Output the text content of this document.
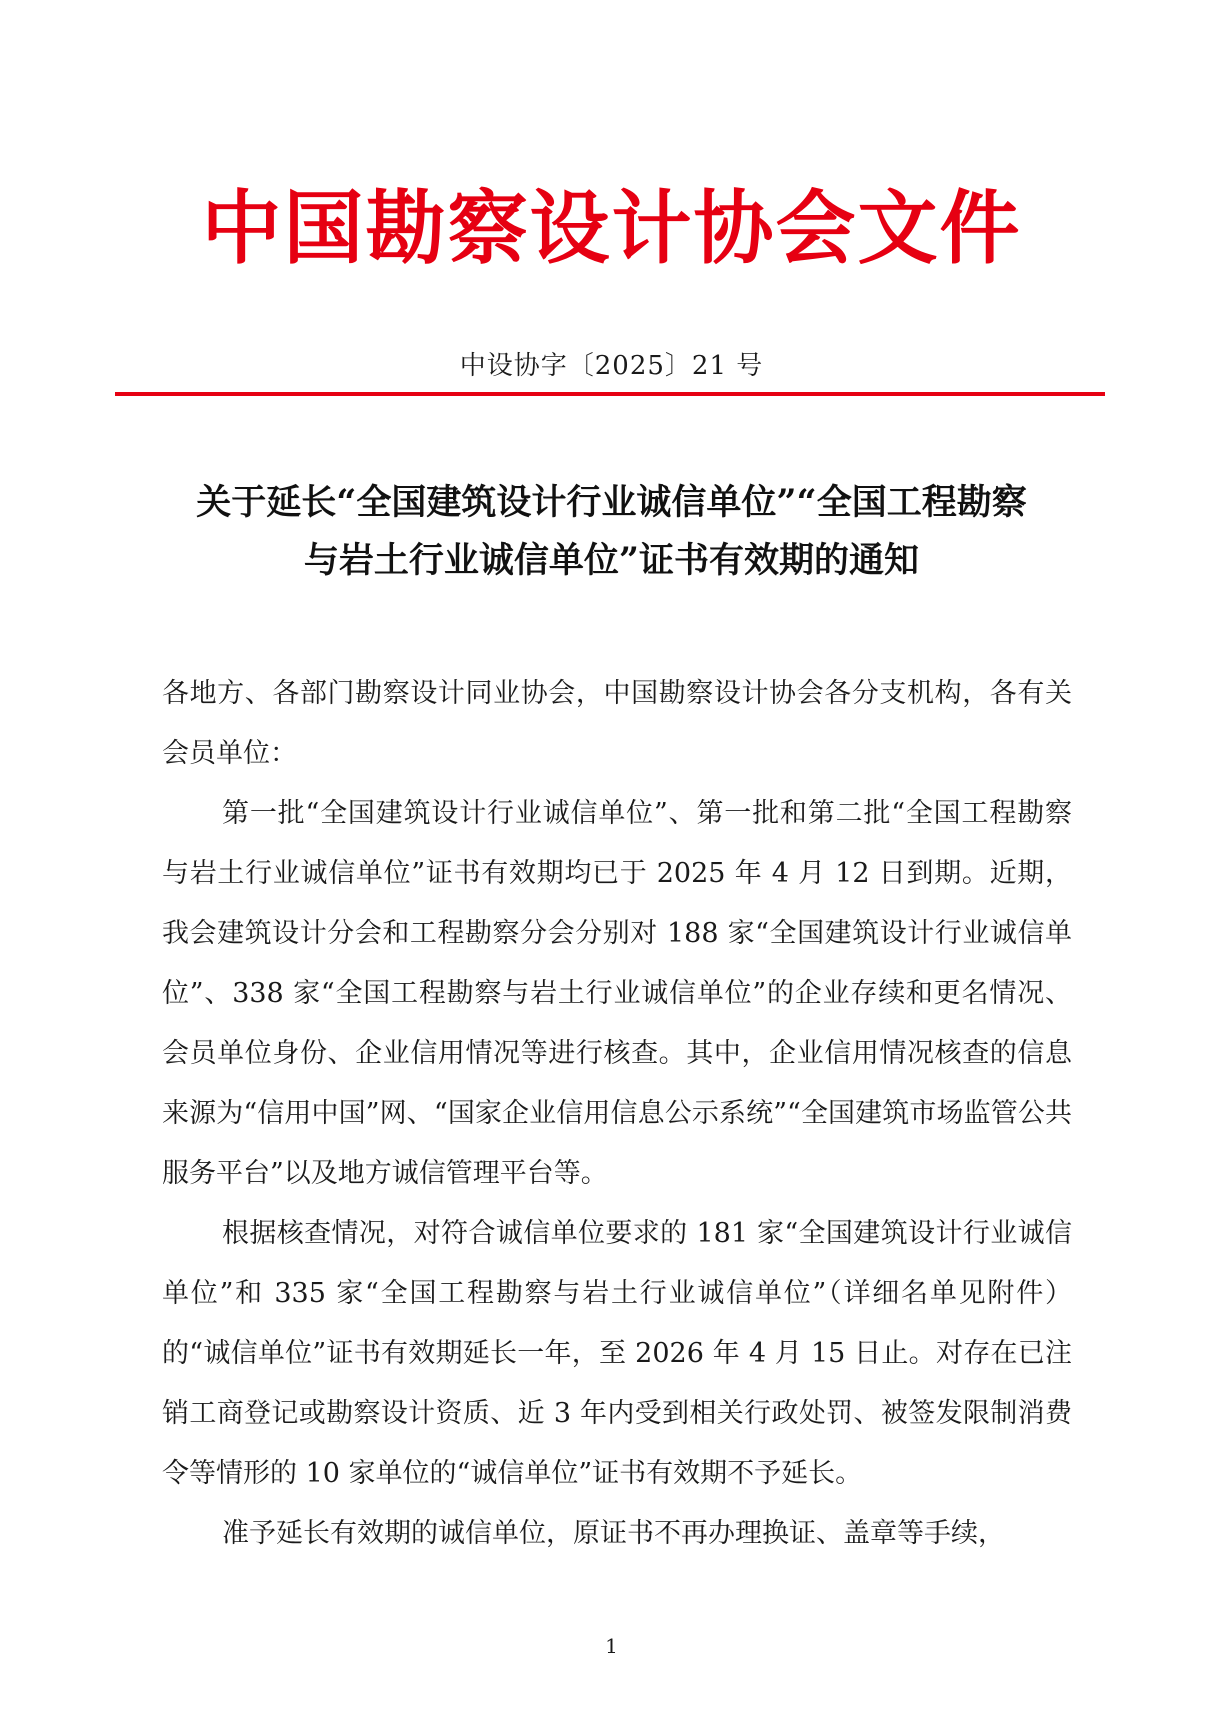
中国勘察设计协会文件
中设协字〔2025〕21 号
关于延长“全国建筑设计行业诚信单位”“全国工程勘察
与岩土行业诚信单位”证书有效期的通知

各地方、各部门勘察设计同业协会，中国勘察设计协会各分支机构，各有关会员单位：

第一批“全国建筑设计行业诚信单位”、第一批和第二批“全国工程勘察与岩土行业诚信单位”证书有效期均已于 2025 年 4 月 12 日到期。近期，我会建筑设计分会和工程勘察分会分别对 188 家“全国建筑设计行业诚信单位”、338 家“全国工程勘察与岩土行业诚信单位”的企业存续和更名情况、会员单位身份、企业信用情况等进行核查。其中，企业信用情况核查的信息来源为“信用中国”网、“国家企业信用信息公示系统”“全国建筑市场监管公共服务平台”以及地方诚信管理平台等。

根据核查情况，对符合诚信单位要求的 181 家“全国建筑设计行业诚信单位”和 335 家“全国工程勘察与岩土行业诚信单位”（详细名单见附件）的“诚信单位”证书有效期延长一年，至 2026 年 4 月 15 日止。对存在已注销工商登记或勘察设计资质、近 3 年内受到相关行政处罚、被签发限制消费令等情形的 10 家单位的“诚信单位”证书有效期不予延长。

准予延长有效期的诚信单位，原证书不再办理换证、盖章等手续，

1
